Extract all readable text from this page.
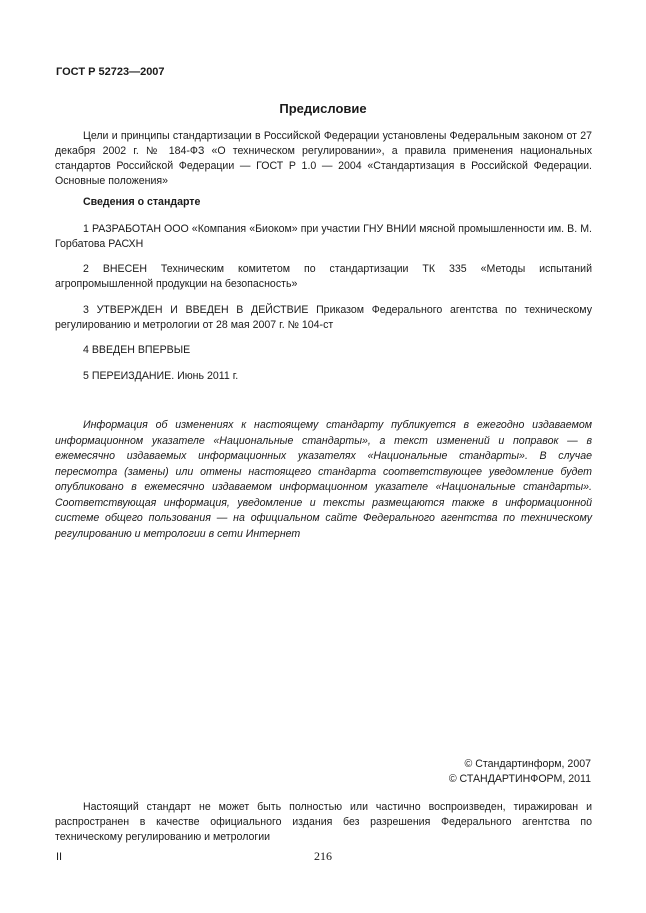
ГОСТ Р 52723—2007
Предисловие
Цели и принципы стандартизации в Российской Федерации установлены Федеральным законом от 27 декабря 2002 г. № 184-ФЗ «О техническом регулировании», а правила применения национальных стандартов Российской Федерации — ГОСТ Р 1.0 — 2004 «Стандартизация в Российской Федерации. Основные положения»
Сведения о стандарте
1 РАЗРАБОТАН ООО «Компания «Биоком» при участии ГНУ ВНИИ мясной промышленности им. В. М. Горбатова РАСХН
2 ВНЕСЕН Техническим комитетом по стандартизации ТК 335 «Методы испытаний агропромышленной продукции на безопасность»
3 УТВЕРЖДЕН И ВВЕДЕН В ДЕЙСТВИЕ Приказом Федерального агентства по техническому регулированию и метрологии от 28 мая 2007 г. № 104-ст
4 ВВЕДЕН ВПЕРВЫЕ
5 ПЕРЕИЗДАНИЕ. Июнь 2011 г.
Информация об изменениях к настоящему стандарту публикуется в ежегодно издаваемом информационном указателе «Национальные стандарты», а текст изменений и поправок — в ежемесячно издаваемых информационных указателях «Национальные стандарты». В случае пересмотра (замены) или отмены настоящего стандарта соответствующее уведомление будет опубликовано в ежемесячно издаваемом информационном указателе «Национальные стандарты». Соответствующая информация, уведомление и тексты размещаются также в информационной системе общего пользования — на официальном сайте Федерального агентства по техническому регулированию и метрологии в сети Интернет
© Стандартинформ, 2007
© СТАНДАРТИНФОРМ, 2011
Настоящий стандарт не может быть полностью или частично воспроизведен, тиражирован и распространен в качестве официального издания без разрешения Федерального агентства по техническому регулированию и метрологии
II	216
